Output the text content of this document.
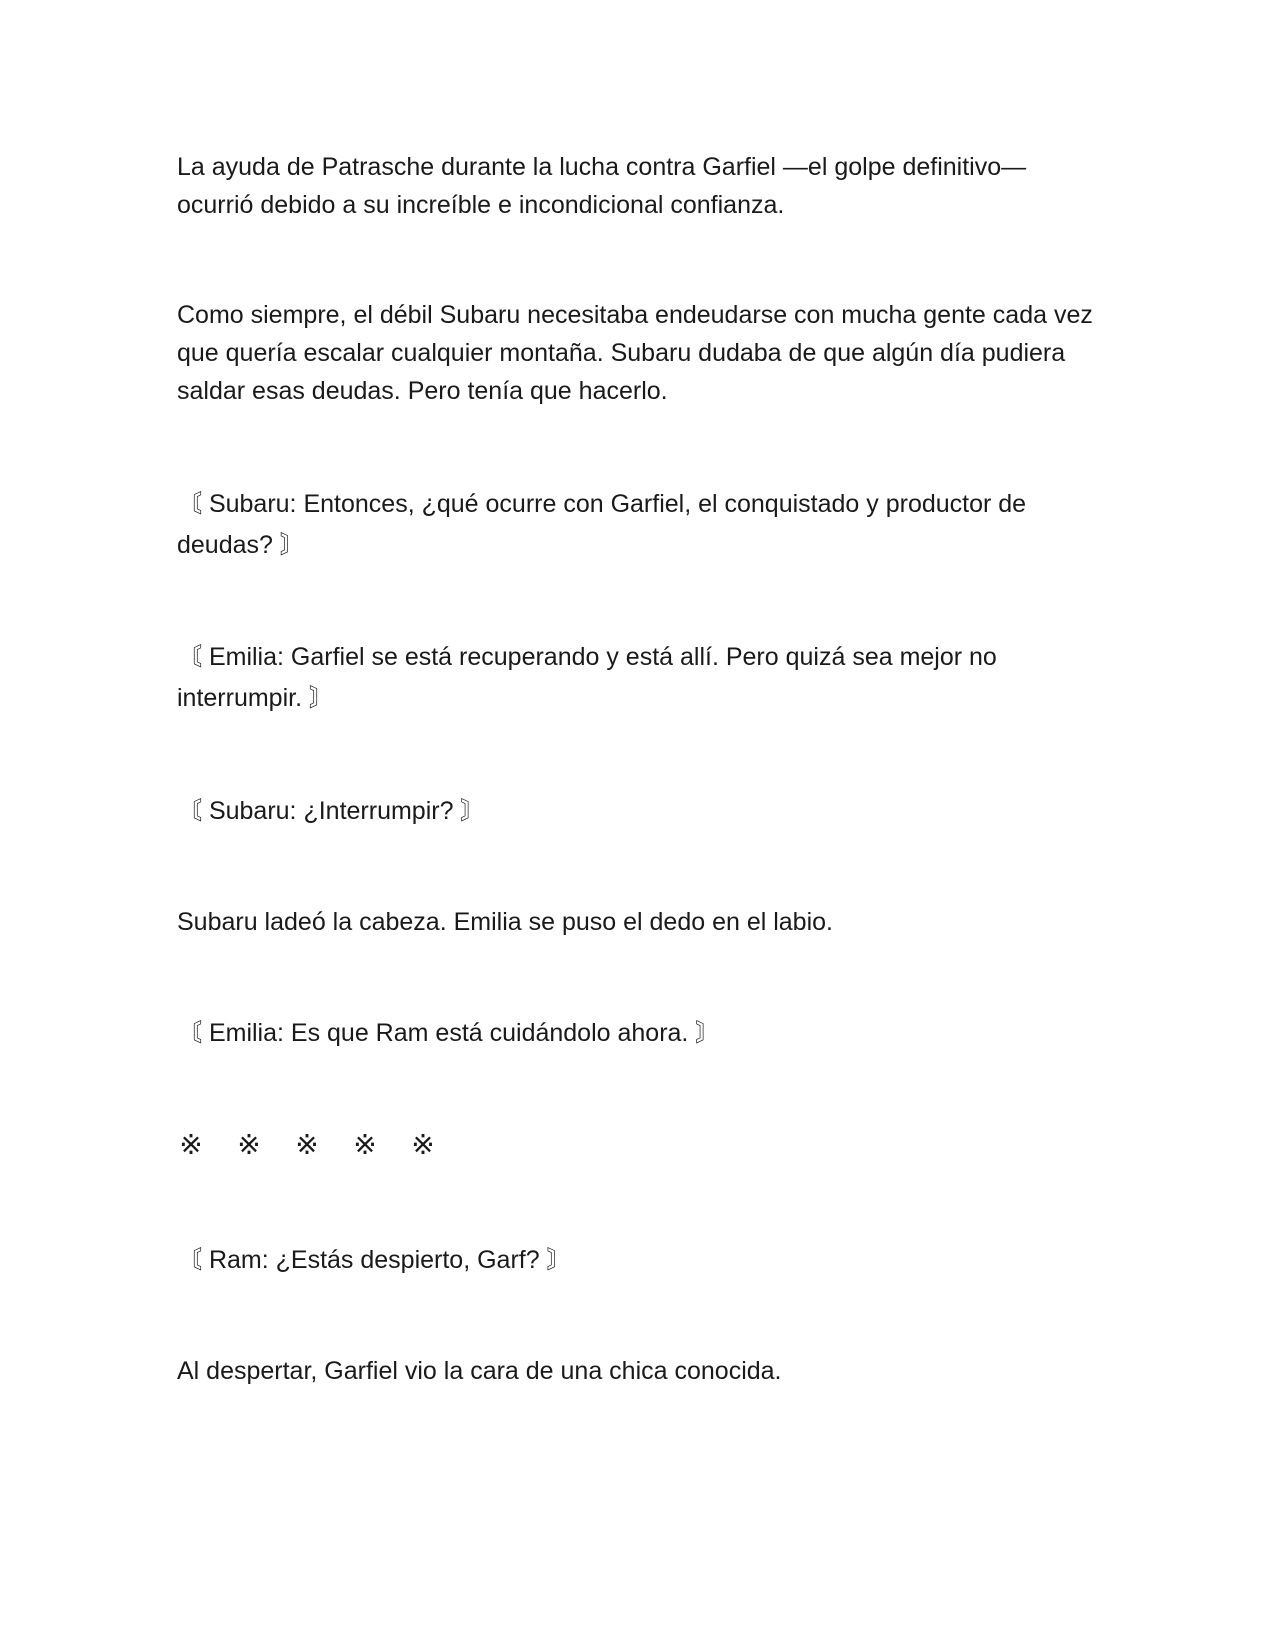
La ayuda de Patrasche durante la lucha contra Garfiel —el golpe definitivo— ocurrió debido a su increíble e incondicional confianza.

Como siempre, el débil Subaru necesitaba endeudarse con mucha gente cada vez que quería escalar cualquier montaña. Subaru dudaba de que algún día pudiera saldar esas deudas. Pero tenía que hacerlo.

〘 Subaru: Entonces, ¿qué ocurre con Garfiel, el conquistado y productor de deudas? 〙

〘 Emilia: Garfiel se está recuperando y está allí. Pero quizá sea mejor no interrumpir. 〙

〘 Subaru: ¿Interrumpir? 〙

Subaru ladeó la cabeza. Emilia se puso el dedo en el labio.

〘 Emilia: Es que Ram está cuidándolo ahora. 〙

※ ※ ※ ※ ※

〘 Ram: ¿Estás despierto, Garf? 〙

Al despertar, Garfiel vio la cara de una chica conocida.
